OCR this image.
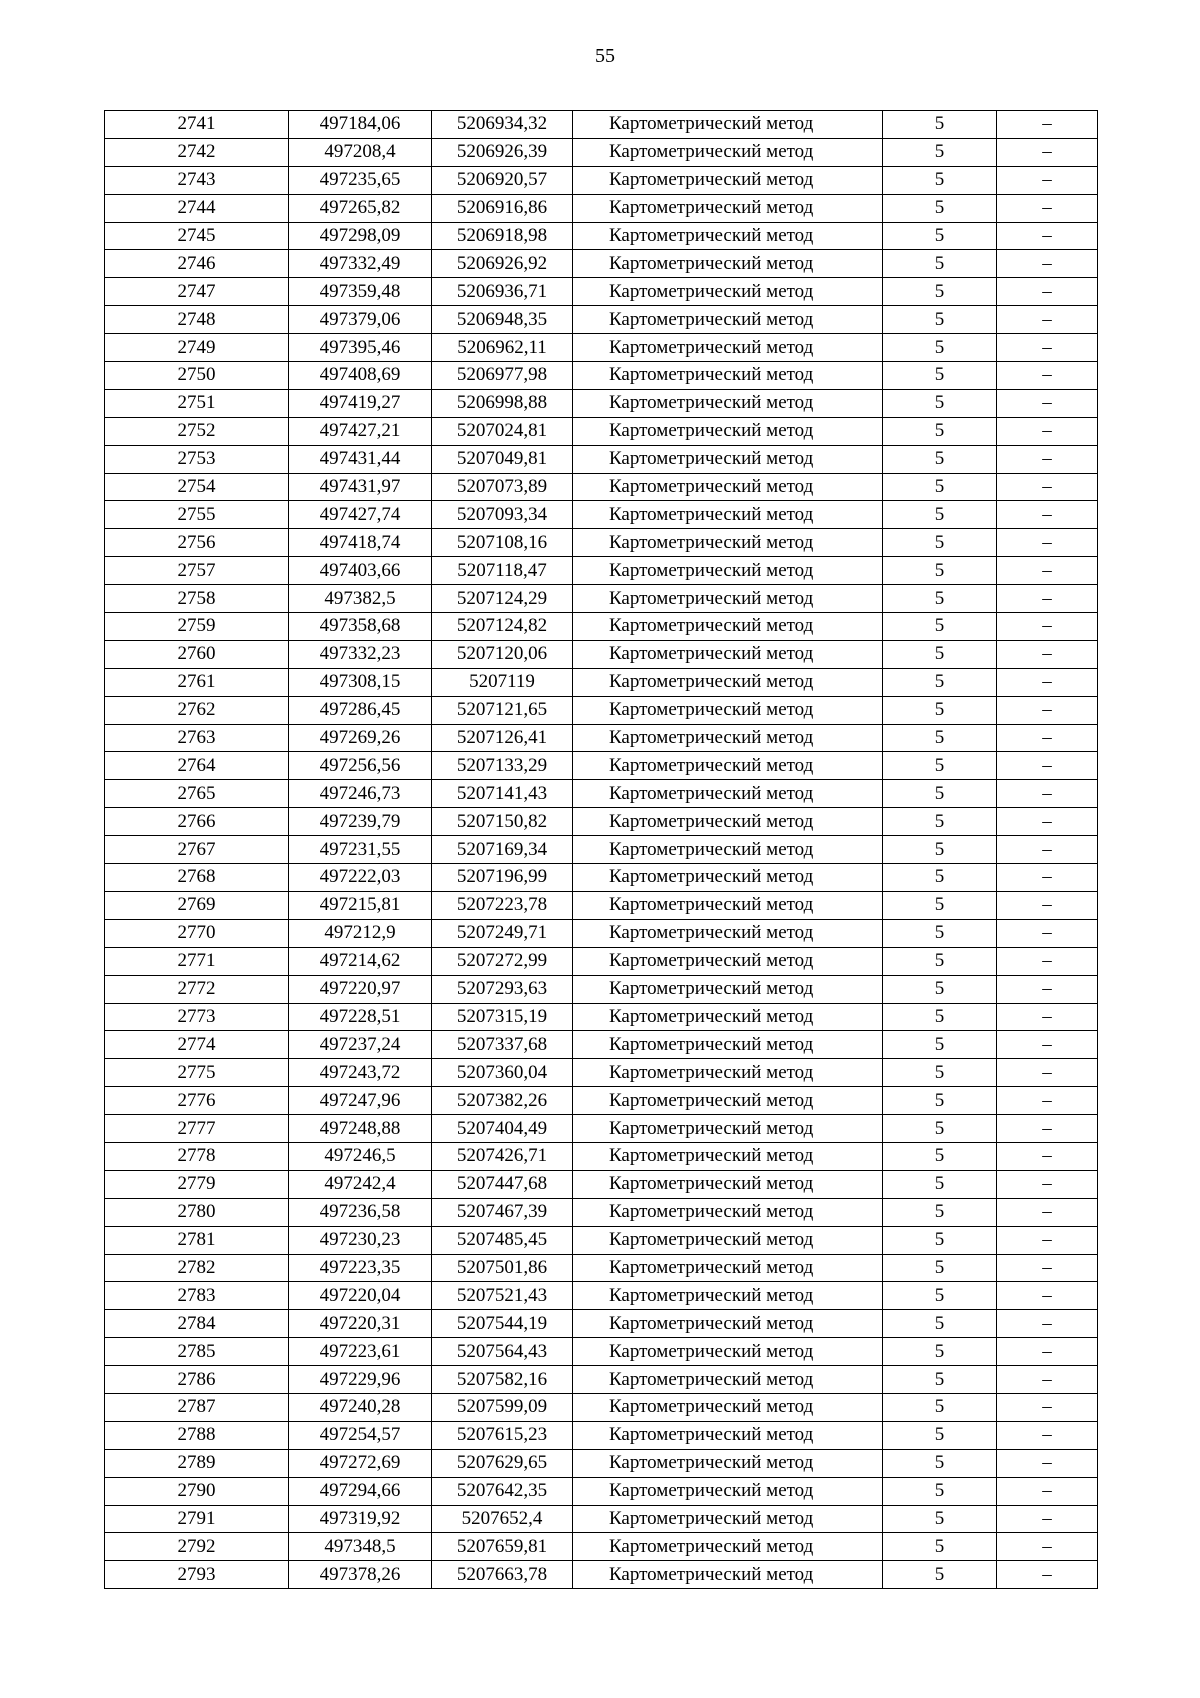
55
2741	497184,06	5206934,32	Картометрический метод	5	–
2742	497208,4	5206926,39	Картометрический метод	5	–
2743	497235,65	5206920,57	Картометрический метод	5	–
2744	497265,82	5206916,86	Картометрический метод	5	–
2745	497298,09	5206918,98	Картометрический метод	5	–
2746	497332,49	5206926,92	Картометрический метод	5	–
2747	497359,48	5206936,71	Картометрический метод	5	–
2748	497379,06	5206948,35	Картометрический метод	5	–
2749	497395,46	5206962,11	Картометрический метод	5	–
2750	497408,69	5206977,98	Картометрический метод	5	–
2751	497419,27	5206998,88	Картометрический метод	5	–
2752	497427,21	5207024,81	Картометрический метод	5	–
2753	497431,44	5207049,81	Картометрический метод	5	–
2754	497431,97	5207073,89	Картометрический метод	5	–
2755	497427,74	5207093,34	Картометрический метод	5	–
2756	497418,74	5207108,16	Картометрический метод	5	–
2757	497403,66	5207118,47	Картометрический метод	5	–
2758	497382,5	5207124,29	Картометрический метод	5	–
2759	497358,68	5207124,82	Картометрический метод	5	–
2760	497332,23	5207120,06	Картометрический метод	5	–
2761	497308,15	5207119	Картометрический метод	5	–
2762	497286,45	5207121,65	Картометрический метод	5	–
2763	497269,26	5207126,41	Картометрический метод	5	–
2764	497256,56	5207133,29	Картометрический метод	5	–
2765	497246,73	5207141,43	Картометрический метод	5	–
2766	497239,79	5207150,82	Картометрический метод	5	–
2767	497231,55	5207169,34	Картометрический метод	5	–
2768	497222,03	5207196,99	Картометрический метод	5	–
2769	497215,81	5207223,78	Картометрический метод	5	–
2770	497212,9	5207249,71	Картометрический метод	5	–
2771	497214,62	5207272,99	Картометрический метод	5	–
2772	497220,97	5207293,63	Картометрический метод	5	–
2773	497228,51	5207315,19	Картометрический метод	5	–
2774	497237,24	5207337,68	Картометрический метод	5	–
2775	497243,72	5207360,04	Картометрический метод	5	–
2776	497247,96	5207382,26	Картометрический метод	5	–
2777	497248,88	5207404,49	Картометрический метод	5	–
2778	497246,5	5207426,71	Картометрический метод	5	–
2779	497242,4	5207447,68	Картометрический метод	5	–
2780	497236,58	5207467,39	Картометрический метод	5	–
2781	497230,23	5207485,45	Картометрический метод	5	–
2782	497223,35	5207501,86	Картометрический метод	5	–
2783	497220,04	5207521,43	Картометрический метод	5	–
2784	497220,31	5207544,19	Картометрический метод	5	–
2785	497223,61	5207564,43	Картометрический метод	5	–
2786	497229,96	5207582,16	Картометрический метод	5	–
2787	497240,28	5207599,09	Картометрический метод	5	–
2788	497254,57	5207615,23	Картометрический метод	5	–
2789	497272,69	5207629,65	Картометрический метод	5	–
2790	497294,66	5207642,35	Картометрический метод	5	–
2791	497319,92	5207652,4	Картометрический метод	5	–
2792	497348,5	5207659,81	Картометрический метод	5	–
2793	497378,26	5207663,78	Картометрический метод	5	–
